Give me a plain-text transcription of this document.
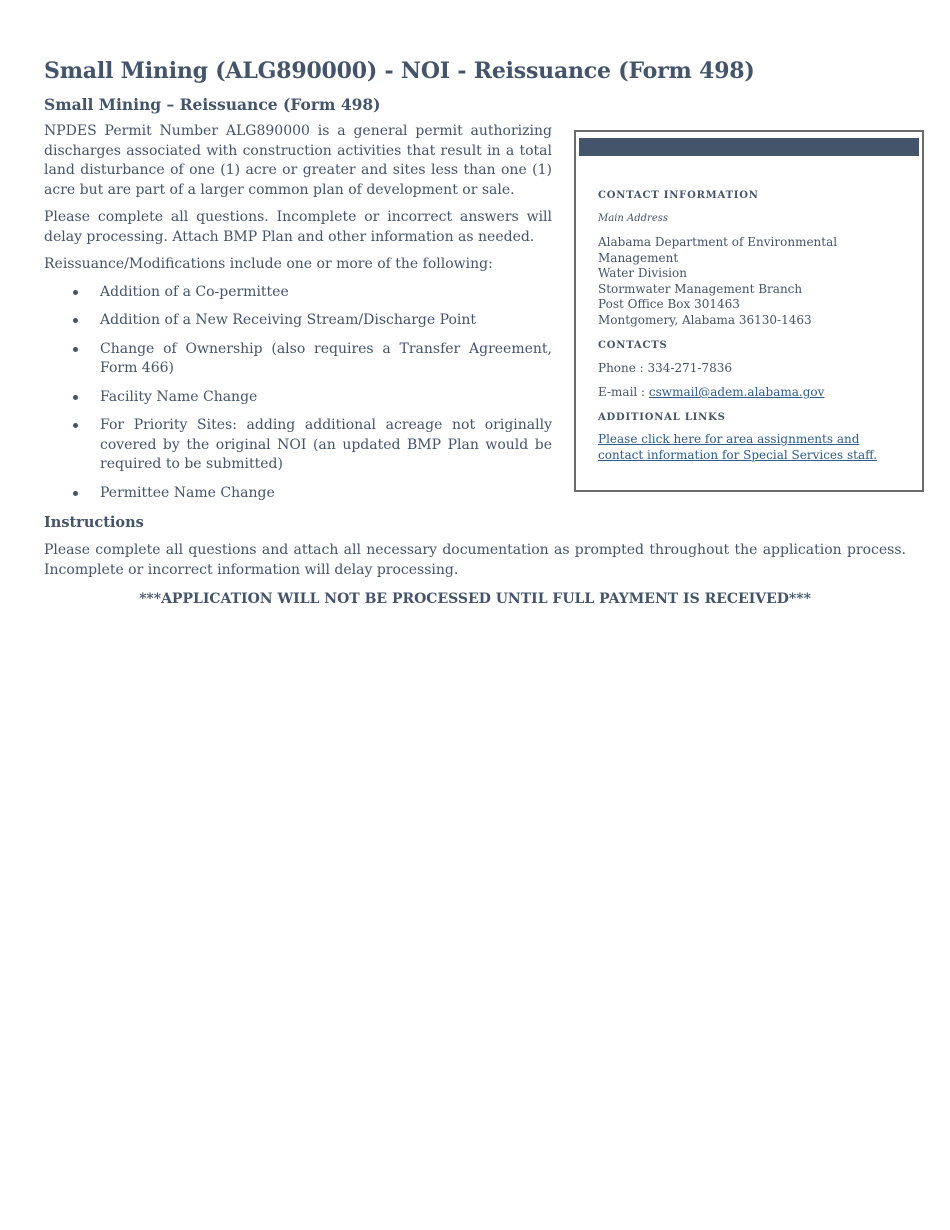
Small Mining (ALG890000) - NOI - Reissuance (Form 498)
Small Mining – Reissuance (Form 498)

NPDES Permit Number ALG890000 is a general permit authorizing discharges associated with construction activities that result in a total land disturbance of one (1) acre or greater and sites less than one (1) acre but are part of a larger common plan of development or sale.

Please complete all questions. Incomplete or incorrect answers will delay processing. Attach BMP Plan and other information as needed.

Reissuance/Modifications include one or more of the following:

Addition of a Co-permittee
Addition of a New Receiving Stream/Discharge Point
Change of Ownership (also requires a Transfer Agreement, Form 466)
Facility Name Change
For Priority Sites: adding additional acreage not originally covered by the original NOI (an updated BMP Plan would be required to be submitted)
Permittee Name Change
Instructions

Please complete all questions and attach all necessary documentation as prompted throughout the application process. Incomplete or incorrect information will delay processing.

***APPLICATION WILL NOT BE PROCESSED UNTIL FULL PAYMENT IS RECEIVED***

CONTACT INFORMATION
Main Address
Alabama Department of Environmental Management
Water Division
Stormwater Management Branch
Post Office Box 301463
Montgomery, Alabama 36130-1463
CONTACTS
Phone : 334-271-7836
E-mail : cswmail@adem.alabama.gov
ADDITIONAL LINKS
Please click here for area assignments and contact information for Special Services staff.
